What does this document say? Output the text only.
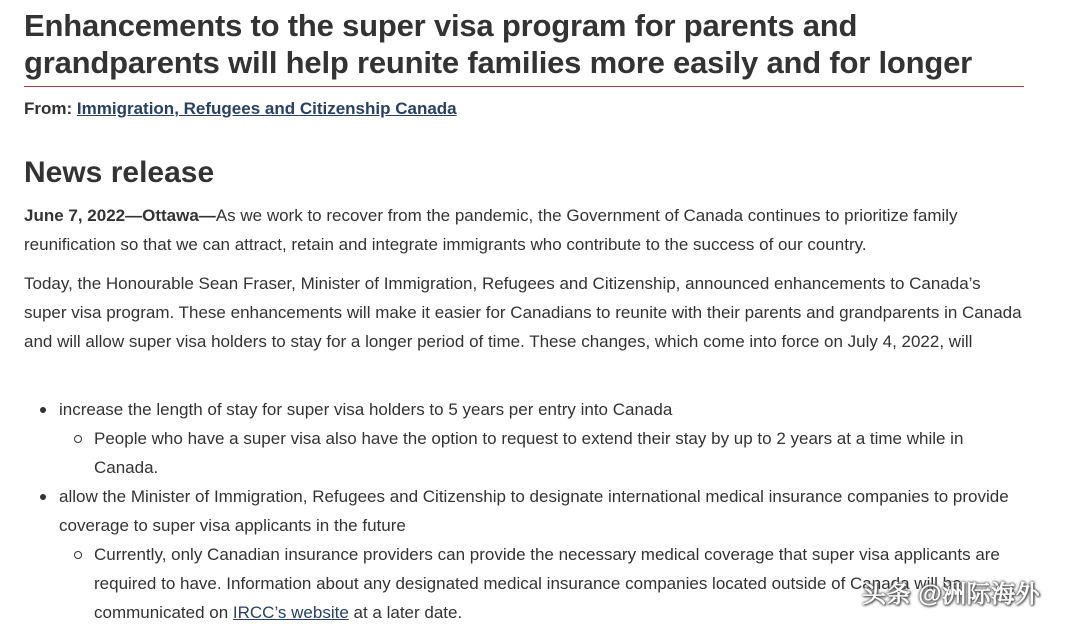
Enhancements to the super visa program for parents and grandparents will help reunite families more easily and for longer
From: Immigration, Refugees and Citizenship Canada
News release

June 7, 2022—Ottawa—As we work to recover from the pandemic, the Government of Canada continues to prioritize family reunification so that we can attract, retain and integrate immigrants who contribute to the success of our country.

Today, the Honourable Sean Fraser, Minister of Immigration, Refugees and Citizenship, announced enhancements to Canada’s super visa program. These enhancements will make it easier for Canadians to reunite with their parents and grandparents in Canada and will allow super visa holders to stay for a longer period of time. These changes, which come into force on July 4, 2022, will

increase the length of stay for super visa holders to 5 years per entry into Canada
People who have a super visa also have the option to request to extend their stay by up to 2 years at a time while in Canada.
allow the Minister of Immigration, Refugees and Citizenship to designate international medical insurance companies to provide coverage to super visa applicants in the future
Currently, only Canadian insurance providers can provide the necessary medical coverage that super visa applicants are required to have. Information about any designated medical insurance companies located outside of Canada will be communicated on IRCC’s website at a later date.
头条 @洲际海外
